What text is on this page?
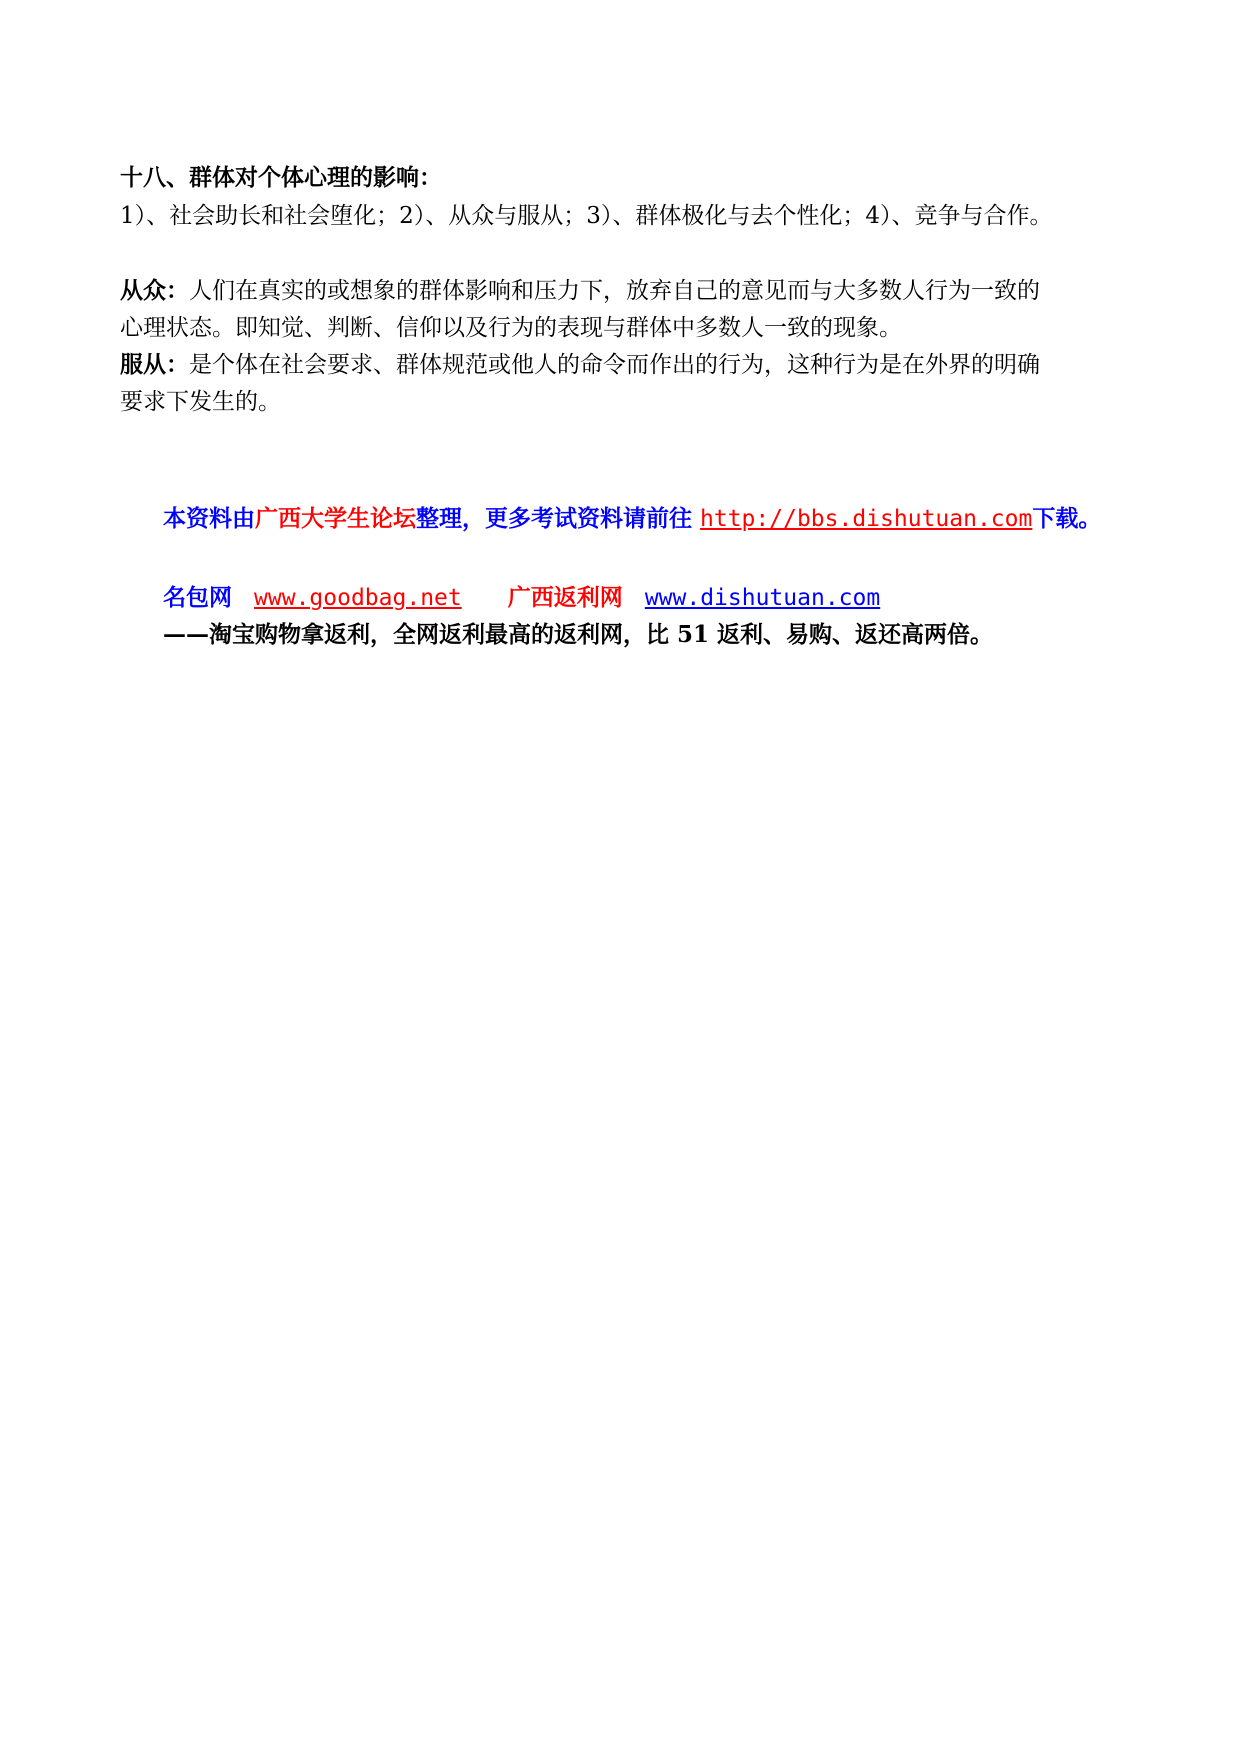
十八、群体对个体心理的影响：
1）、社会助长和社会堕化；2）、从众与服从；3）、群体极化与去个性化；4）、竞争与合作。
从众：人们在真实的或想象的群体影响和压力下，放弃自己的意见而与大多数人行为一致的
心理状态。即知觉、判断、信仰以及行为的表现与群体中多数人一致的现象。
服从：是个体在社会要求、群体规范或他人的命令而作出的行为，这种行为是在外界的明确
要求下发生的。
本资料由广西大学生论坛整理，更多考试资料请前往 http://bbs.dishutuan.com下载。
名包网 www.goodbag.net 广西返利网 www.dishutuan.com
——淘宝购物拿返利，全网返利最高的返利网，比 51 返利、易购、返还高两倍。
